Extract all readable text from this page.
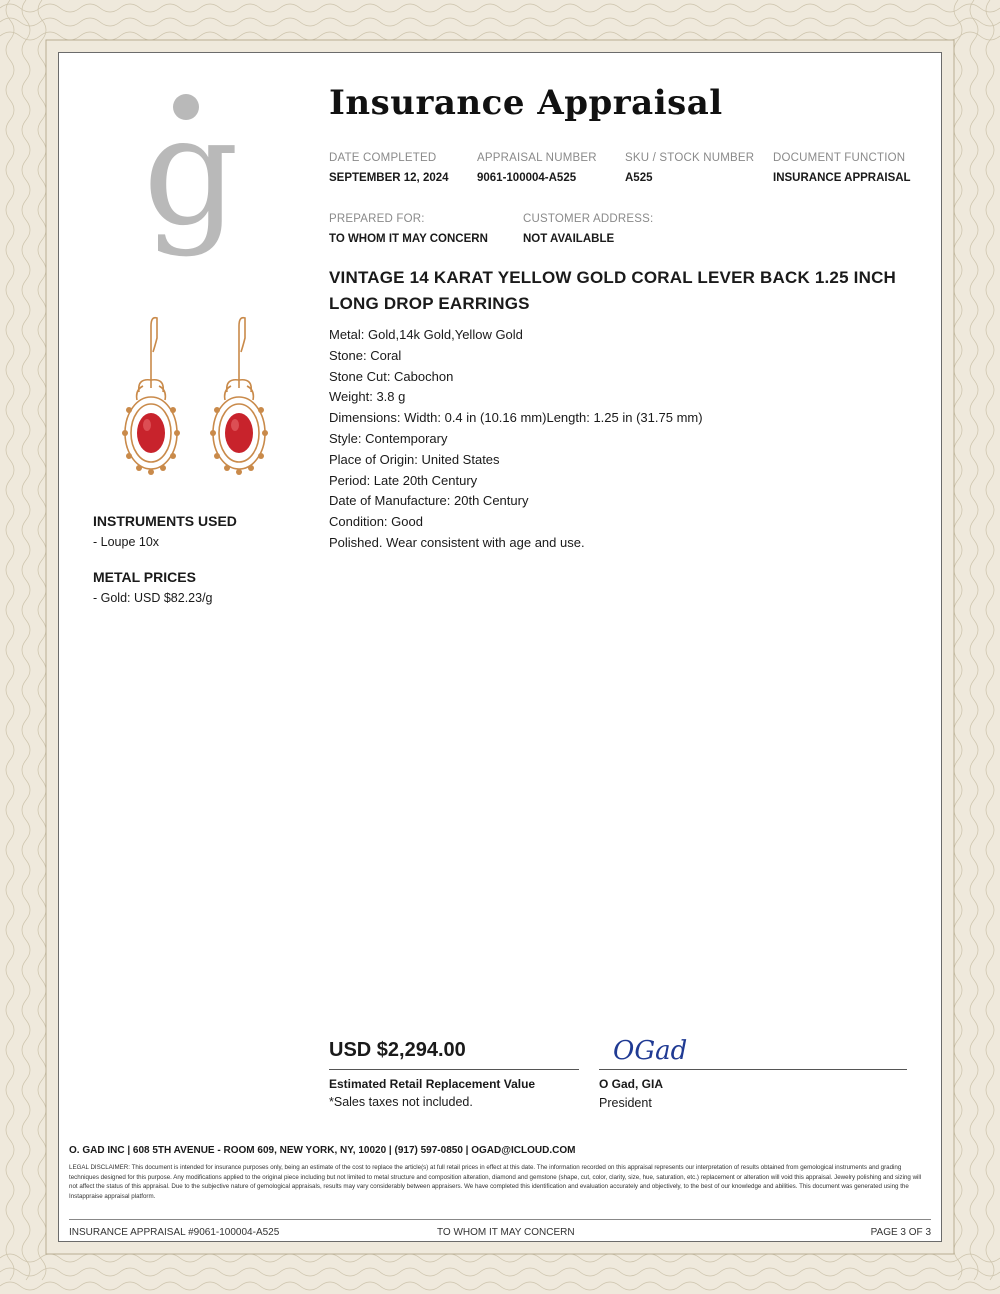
g
INSTRUMENTS USED
- Loupe 10x
METAL PRICES
- Gold: USD $82.23/g
Insurance Appraisal
DATE COMPLETED
SEPTEMBER 12, 2024
APPRAISAL NUMBER
9061-100004-A525
SKU / STOCK NUMBER
A525
DOCUMENT FUNCTION
INSURANCE APPRAISAL
PREPARED FOR:
TO WHOM IT MAY CONCERN
CUSTOMER ADDRESS:
NOT AVAILABLE
VINTAGE 14 KARAT YELLOW GOLD CORAL LEVER BACK 1.25 INCH LONG DROP EARRINGS
Metal: Gold,14k Gold,Yellow Gold
Stone: Coral
Stone Cut: Cabochon
Weight: 3.8 g
Dimensions: Width: 0.4 in (10.16 mm)Length: 1.25 in (31.75 mm)
Style: Contemporary
Place of Origin: United States
Period: Late 20th Century
Date of Manufacture: 20th Century
Condition: Good
Polished. Wear consistent with age and use.
USD $2,294.00
Estimated Retail Replacement Value
*Sales taxes not included.
OGad
O Gad, GIA
President
O. GAD INC | 608 5TH AVENUE - ROOM 609, NEW YORK, NY, 10020 | (917) 597-0850 | OGAD@ICLOUD.COM
LEGAL DISCLAIMER: This document is intended for insurance purposes only, being an estimate of the cost to replace the article(s) at full retail prices in effect at this date. The information recorded on this appraisal represents our interpretation of results obtained from gemological instruments and grading techniques designed for this purpose. Any modifications applied to the original piece including but not limited to metal structure and composition alteration, diamond and gemstone (shape, cut, color, clarity, size, hue, saturation, etc.) replacement or alteration will void this appraisal. Jewelry polishing and sizing will not affect the status of this appraisal. Due to the subjective nature of gemological appraisals, results may vary considerably between appraisers. We have completed this identification and evaluation accurately and objectively, to the best of our knowledge and abilities. This document was generated using the Instappraise appraisal platform.
INSURANCE APPRAISAL #9061-100004-A525	TO WHOM IT MAY CONCERN	PAGE 3 OF 3
